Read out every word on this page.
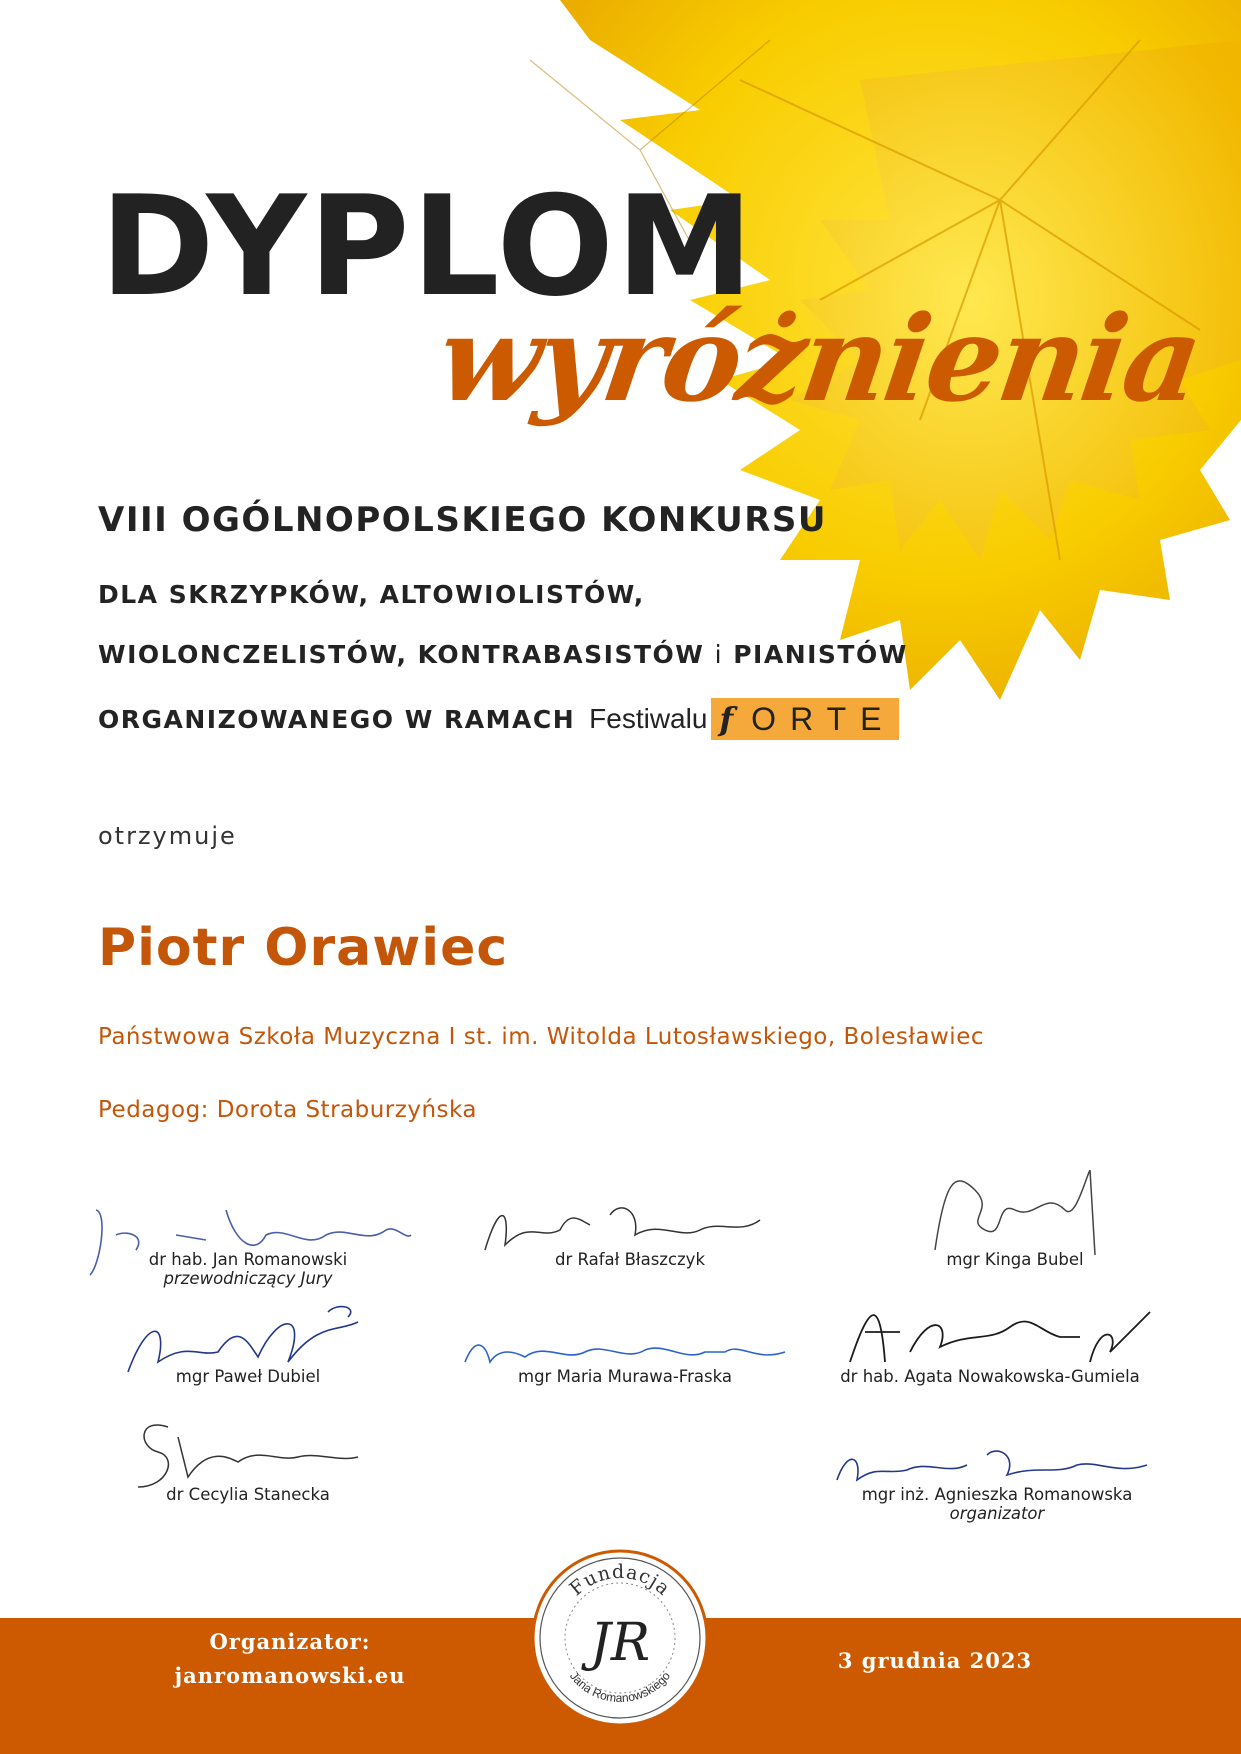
DYPLOM
wyróżnienia
VIII OGÓLNOPOLSKIEGO KONKURSU
DLA SKRZYPKÓW, ALTOWIOLISTÓW,
WIOLONCZELISTÓW, KONTRABASISTÓW i PIANISTÓW
ORGANIZOWANEGO W RAMACH Festiwalu fORTE
otrzymuje
Piotr Orawiec
Państwowa Szkoła Muzyczna I st. im. Witolda Lutosławskiego, Bolesławiec
Pedagog: Dorota Straburzyńska
dr hab. Jan Romanowski
przewodniczący Jury
dr Rafał Błaszczyk	mgr Kinga Bubel
mgr Paweł Dubiel	mgr Maria Murawa-Fraska	dr hab. Agata Nowakowska-Gumiela
dr Cecylia Stanecka	mgr inż. Agnieszka Romanowska
organizator
Organizator:
janromanowski.eu
3 grudnia 2023
Fundacja
Jana Romanowskiego
JR
